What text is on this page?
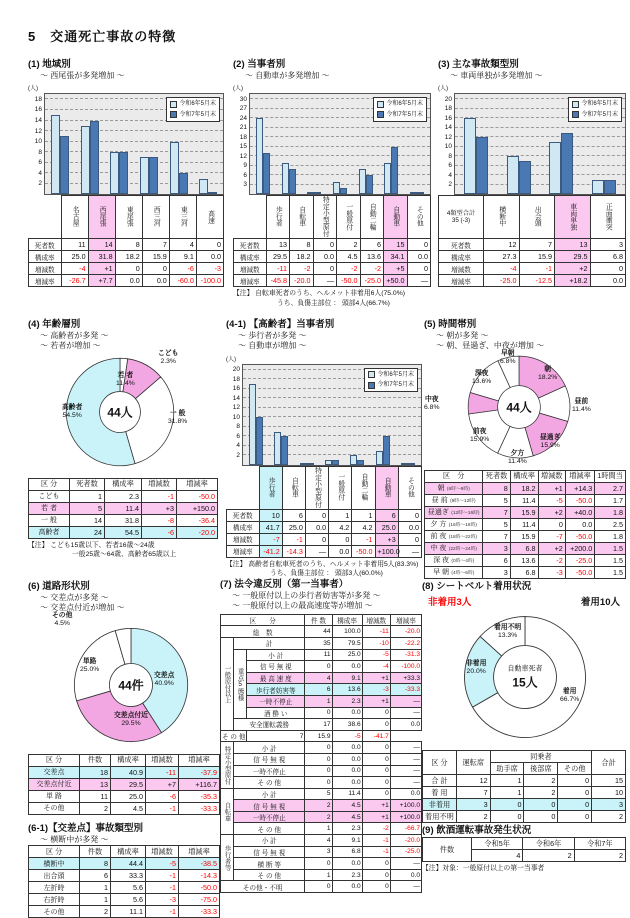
5　交通死亡事故の特徴
(1) 地域別
～ 西尾張が多発増加 ～
(人)
2
4
6
8
10
12
14
16
18
令和6年5月末
令和7年5月末
	名古屋	西尾張	東尾張	西三河	東三河	高速
死者数	11	14	8	7	4	0
構成率	25.0	31.8	18.2	15.9	9.1	0.0
増減数	-4	+1	0	0	-6	-3
増減率	-26.7	+7.7	0.0	0.0	-60.0	-100.0
(2) 当事者別
～ 自動車が多発増加 ～
(人)
3
6
9
12
15
18
21
24
27
30
令和6年5月末
令和7年5月末
	歩行者	自転車	特定小型原付	一般原付	自動二輪	自動車	その他
死者数	13	8	0	2	6	15	0
構成率	29.5	18.2	0.0	4.5	13.6	34.1	0.0
増減数	-11	-2	0	-2	-2	+5	0
増減率	-45.8	-20.0	—	-50.0	-25.0	+50.0	—
【注】 自転車死者のうち、ヘルメット非着用6人(75.0%)
うち、負傷主部位 ： 頭部4人(66.7%)
(3) 主な事故類型別
～ 車両単独が多発増加 ～
(人)
2
4
6
8
10
12
14
16
18
20
令和6年5月末
令和7年5月末
4類型合計
35 (-3)	横断中	出会頭	車両単独	正面衝突
死者数	12	7	13	3
構成率	27.3	15.9	29.5	6.8
増減数	-4	-1	+2	0
増減率	-25.0	-12.5	+18.2	0.0
(4) 年齢層別
～ 高齢者が多発 ～
～ 若者が増加 ～
こども
2.3%
若 者
11.4%
一 般
31.8%
高齢者
54.5% 44人
区 分	死者数	構成率	増減数	増減率
こども	1	2.3	-1	-50.0
若 者	5	11.4	+3	+150.0
一 般	14	31.8	-8	-36.4
高齢者	24	54.5	-6	-20.0
【注】 こども15歳以下、若者16歳～24歳
一般25歳～64歳、高齢者65歳以上
(4-1) 【高齢者】当事者別
～ 歩行者が多発 ～
～ 自動車が増加 ～
(人)
2
4
6
8
10
12
14
16
18
20
令和6年5月末
令和7年5月末
	歩行者	自転車	特定小型原付	一般原付	自動二輪	自動車	その他
死者数	10	6	0	1	1	6	0
構成率	41.7	25.0	0.0	4.2	4.2	25.0	0.0
増減数	-7	-1	0	0	-1	+3	0
増減率	-41.2	-14.3	—	0.0	-50.0	+100.0	—
【注】 高齢者自転車死者のうち、ヘルメット非着用5人(83.3%)
うち、負傷主部位 ： 頭部3人(60.0%)
(5) 時間帯別
～ 朝が多発 ～
～ 朝、昼過ぎ、中夜が増加 ～
朝
18.2%
昼前
11.4%
昼過ぎ
15.9%
夕方
11.4%
前夜
15.9%
中夜
6.8%
深夜
13.6%
早朝
6.8%
44人
区　分	死者数	構成率	増減数	増減率	1時間当
朝 (6時～9時)	8	18.2	+1	+14.3	2.7
昼 前 (9時～12時)	5	11.4	-5	-50.0	1.7
昼過ぎ (12時～16時)	7	15.9	+2	+40.0	1.8
夕 方 (16時～18時)	5	11.4	0	0.0	2.5
前 夜 (18時～22時)	7	15.9	-7	-50.0	1.8
中 夜 (22時～24時)	3	6.8	+2	+200.0	1.5
深 夜 (0時～4時)	6	13.6	-2	-25.0	1.5
早 朝 (4時～6時)	3	6.8	-3	-50.0	1.5
(6) 道路形状別
～ 交差点が多発 ～
～ 交差点付近が増加 ～
交差点
40.9%
交差点付近
29.5%
単路
25.0%
その他
4.5%
44件
区 分	件数	構成率	増減数	増減率
交差点	18	40.9	-11	-37.9
交差点付近	13	29.5	+7	+116.7
単 路	11	25.0	-6	-35.3
その他	2	4.5	-1	-33.3
(6-1)【交差点】事故類型別
～ 横断中が多発 ～
区 分	件数	構成率	増減数	増減率
横断中	8	44.4	-5	-38.5
出合頭	6	33.3	-1	-14.3
左折時	1	5.6	-1	-50.0
右折時	1	5.6	-3	-75.0
その他	2	11.1	-1	-33.3
(7) 法令違反別（第一当事者）
～ 一般原付以上の歩行者妨害等が多発 ～
～ 一般原付以上の最高速度等が増加 ～
区　　分			件 数	構成率	増減数	増減率
総　数			44	100.0	-11	-20.0
一般原付以上	計		35	79.5	-10	-22.2
	重点5態様	小 計	11	25.0	-5	-31.3
		信 号 無 視	0	0.0	-4	-100.0
		最 高 速 度	4	9.1	+1	+33.3
		歩行者妨害等	6	13.6	-3	-33.3
		一時不停止	1	2.3	+1	—
		酒 酔 い	0	0.0	0	—
	安全運転義務		17	38.6	0	0.0
そ の 他		7	15.9	-5	-41.7	
特定小型原付	小 計		0	0.0	0	—
	信 号 無 視		0	0.0	0	—
	一時不停止		0	0.0	0	—
	そ の 他		0	0.0	0	—
自転車	小 計		5	11.4	0	0.0
	信 号 無 視		2	4.5	+1	+100.0
	一時不停止		2	4.5	+1	+100.0
	そ の 他		1	2.3	-2	-66.7
歩行者等	小 計		4	9.1	-1	-20.0
	信 号 無 視		3	6.8	-1	-25.0
	横 断 等		0	0.0	0	—
	そ の 他		1	2.3	0	0.0
その他・不明			0	0.0	0	—
(8) シートベルト着用状況
非着用3人	着用10人
着用
66.7%
非着用
20.0%
着用不明
13.3%
自動車死者
15人
区 分	運転席	同乗者			合計
		助手席	後部席	その他	
合 計	12	1	2	0	15
着 用	7	1	2	0	10
非着用	3	0	0	0	3
着用不明	2	0	0	0	2
(9) 飲酒運転事故発生状況
件数	令和5年	令和6年	令和7年
	4	2	2
【注】対象：一般原付以上の第一当事者
